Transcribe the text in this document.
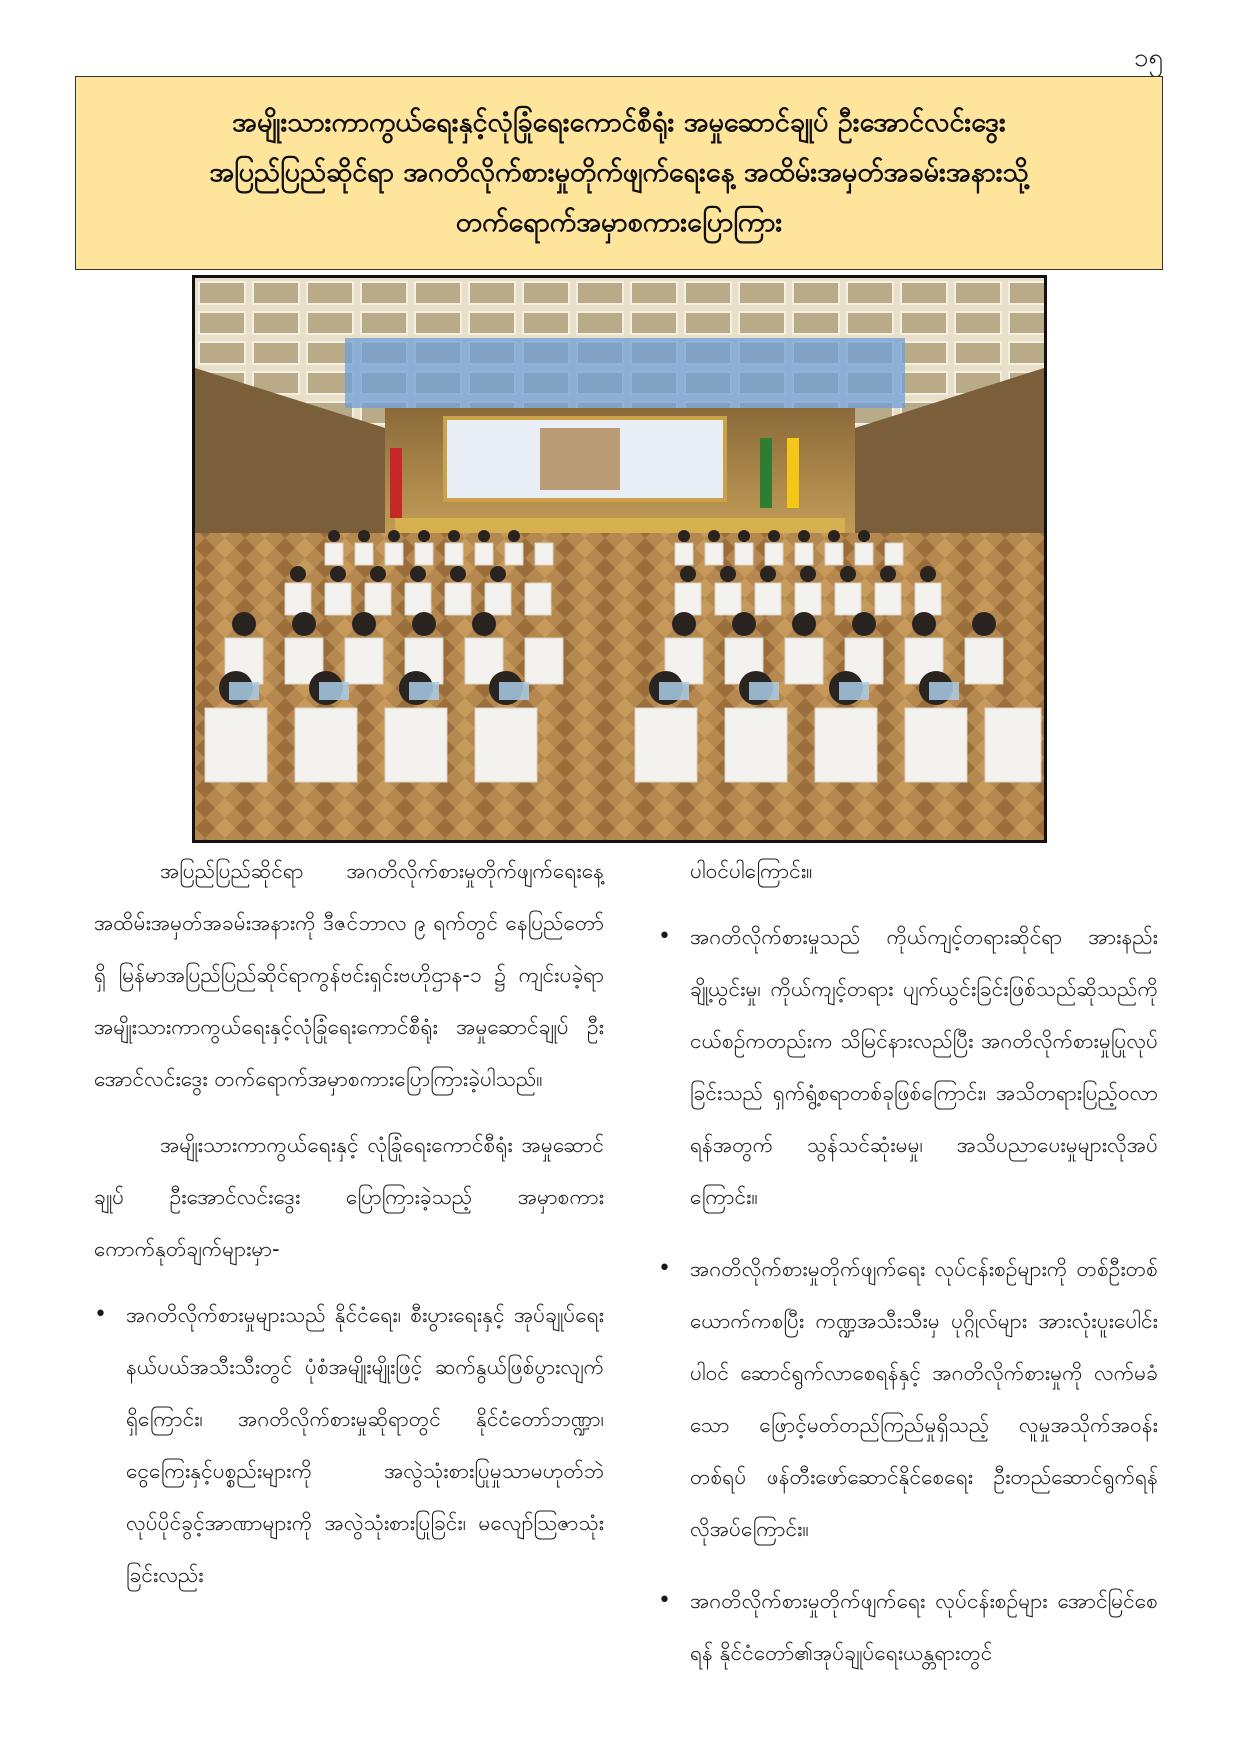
၁၅
အမျိုးသားကာကွယ်ရေးနှင့်လုံခြုံရေးကောင်စီရုံး အမှုဆောင်ချုပ် ဦးအောင်လင်းဒွေး
အပြည်ပြည်ဆိုင်ရာ အဂတိလိုက်စားမှုတိုက်ဖျက်ရေးနေ့ အထိမ်းအမှတ်အခမ်းအနားသို့
တက်ရောက်အမှာစကားပြောကြား

အပြည်ပြည်ဆိုင်ရာ အဂတိလိုက်စားမှုတိုက်ဖျက်ရေးနေ့ အထိမ်းအမှတ်အခမ်းအနားကို ဒီဇင်ဘာလ ၉ ရက်တွင် နေပြည်တော်ရှိ မြန်မာအပြည်ပြည်ဆိုင်ရာကွန်ဗင်းရှင်းဗဟိုဌာန-၁ ၌ ကျင်းပခဲ့ရာ အမျိုးသားကာကွယ်ရေးနှင့်လုံခြုံရေးကောင်စီရုံး အမှုဆောင်ချုပ် ဦးအောင်လင်းဒွေး တက်ရောက်အမှာစကားပြောကြားခဲ့ပါသည်။

အမျိုးသားကာကွယ်ရေးနှင့် လုံခြုံရေးကောင်စီရုံး အမှုဆောင်ချုပ် ဦးအောင်လင်းဒွေး ပြောကြားခဲ့သည့် အမှာစကားကောက်နုတ်ချက်များမှာ-

• အဂတိလိုက်စားမှုများသည် နိုင်ငံရေး၊ စီးပွားရေးနှင့် အုပ်ချုပ်ရေးနယ်ပယ်အသီးသီးတွင် ပုံစံအမျိုးမျိုးဖြင့် ဆက်နွယ်ဖြစ်ပွားလျက်ရှိကြောင်း၊ အဂတိလိုက်စားမှုဆိုရာတွင် နိုင်ငံတော်ဘဏ္ဍာ၊ ငွေကြေးနှင့်ပစ္စည်းများကို အလွဲသုံးစားပြုမှုသာမဟုတ်ဘဲ လုပ်ပိုင်ခွင့်အာဏာများကို အလွဲသုံးစားပြုခြင်း၊ မလျော်သြဇာသုံးခြင်းလည်း

ပါဝင်ပါကြောင်း။

• အဂတိလိုက်စားမှုသည် ကိုယ်ကျင့်တရားဆိုင်ရာ အားနည်းချို့ယွင်းမှု၊ ကိုယ်ကျင့်တရား ပျက်ယွင်းခြင်းဖြစ်သည်ဆိုသည်ကို ငယ်စဉ်ကတည်းက သိမြင်နားလည်ပြီး အဂတိလိုက်စားမှုပြုလုပ်ခြင်းသည် ရှက်ရွံ့စရာတစ်ခုဖြစ်ကြောင်း၊ အသိတရားပြည့်ဝလာရန်အတွက် သွန်သင်ဆုံးမမှု၊ အသိပညာပေးမှုများလိုအပ်ကြောင်း။
• အဂတိလိုက်စားမှုတိုက်ဖျက်ရေး လုပ်ငန်းစဉ်များကို တစ်ဦးတစ်ယောက်ကစပြီး ကဏ္ဍအသီးသီးမှ ပုဂ္ဂိုလ်များ အားလုံးပူးပေါင်းပါဝင် ဆောင်ရွက်လာစေရန်နှင့် အဂတိလိုက်စားမှုကို လက်မခံသော ဖြောင့်မတ်တည်ကြည်မှုရှိသည့် လူမှုအသိုက်အဝန်းတစ်ရပ် ဖန်တီးဖော်ဆောင်နိုင်စေရေး ဦးတည်ဆောင်ရွက်ရန် လိုအပ်ကြောင်း။
• အဂတိလိုက်စားမှုတိုက်ဖျက်ရေး လုပ်ငန်းစဉ်များ အောင်မြင်စေရန် နိုင်ငံတော်၏အုပ်ချုပ်ရေးယန္တရားတွင်
